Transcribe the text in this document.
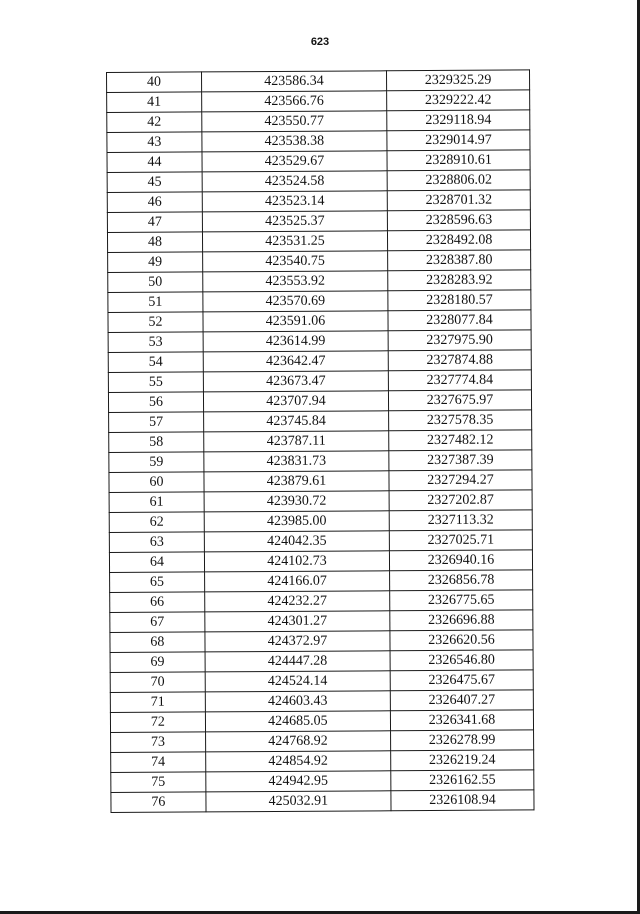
623
40	423586.34	2329325.29
41	423566.76	2329222.42
42	423550.77	2329118.94
43	423538.38	2329014.97
44	423529.67	2328910.61
45	423524.58	2328806.02
46	423523.14	2328701.32
47	423525.37	2328596.63
48	423531.25	2328492.08
49	423540.75	2328387.80
50	423553.92	2328283.92
51	423570.69	2328180.57
52	423591.06	2328077.84
53	423614.99	2327975.90
54	423642.47	2327874.88
55	423673.47	2327774.84
56	423707.94	2327675.97
57	423745.84	2327578.35
58	423787.11	2327482.12
59	423831.73	2327387.39
60	423879.61	2327294.27
61	423930.72	2327202.87
62	423985.00	2327113.32
63	424042.35	2327025.71
64	424102.73	2326940.16
65	424166.07	2326856.78
66	424232.27	2326775.65
67	424301.27	2326696.88
68	424372.97	2326620.56
69	424447.28	2326546.80
70	424524.14	2326475.67
71	424603.43	2326407.27
72	424685.05	2326341.68
73	424768.92	2326278.99
74	424854.92	2326219.24
75	424942.95	2326162.55
76	425032.91	2326108.94
